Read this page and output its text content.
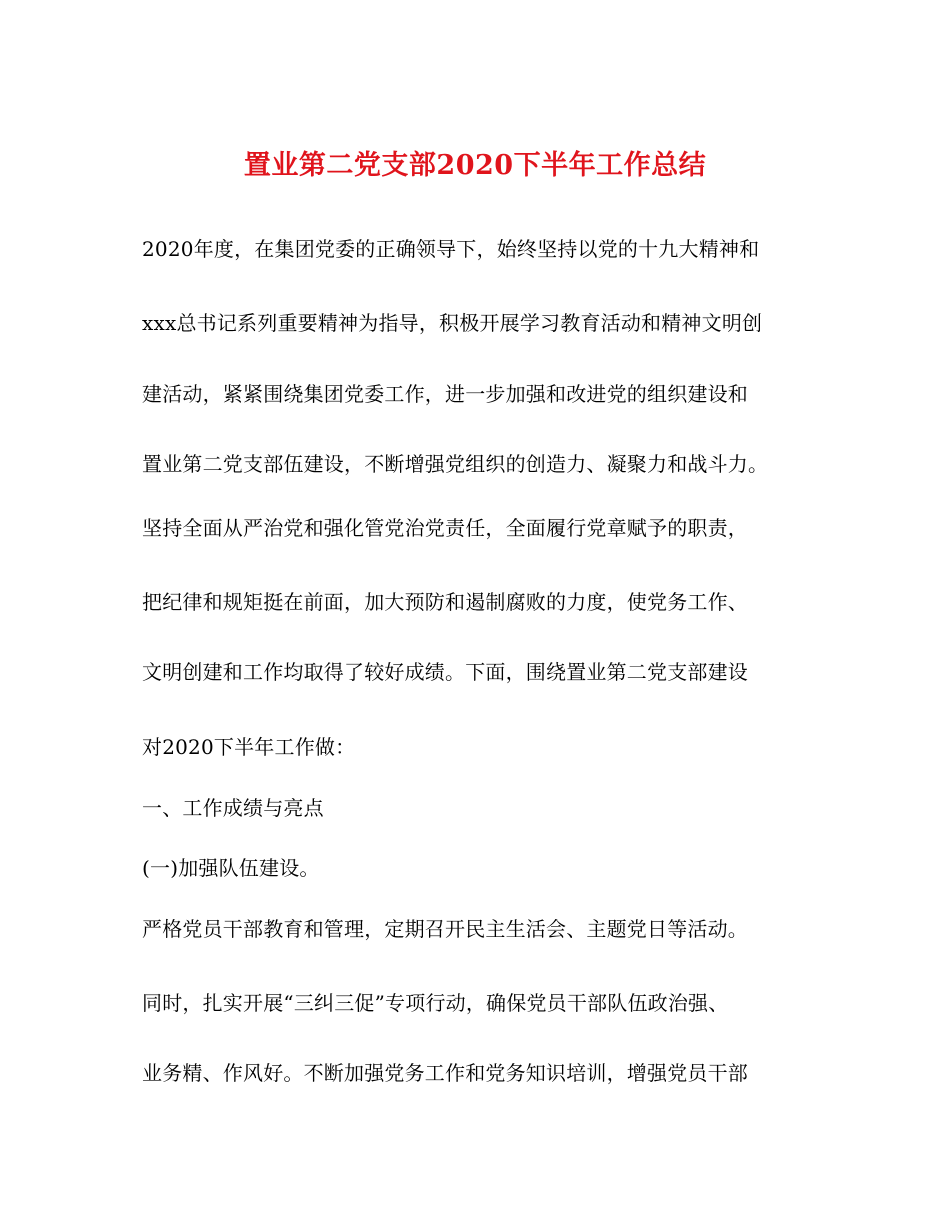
置业第二党支部2020下半年工作总结
2020年度，在集团党委的正确领导下，始终坚持以党的十九大精神和
xxx总书记系列重要精神为指导，积极开展学习教育活动和精神文明创
建活动，紧紧围绕集团党委工作，进一步加强和改进党的组织建设和
置业第二党支部伍建设，不断增强党组织的创造力、凝聚力和战斗力。
坚持全面从严治党和强化管党治党责任，全面履行党章赋予的职责，
把纪律和规矩挺在前面，加大预防和遏制腐败的力度，使党务工作、
文明创建和工作均取得了较好成绩。下面，围绕置业第二党支部建设
对2020下半年工作做：
一、工作成绩与亮点
(一)加强队伍建设。
严格党员干部教育和管理，定期召开民主生活会、主题党日等活动。
同时，扎实开展“三纠三促”专项行动，确保党员干部队伍政治强、
业务精、作风好。不断加强党务工作和党务知识培训，增强党员干部
